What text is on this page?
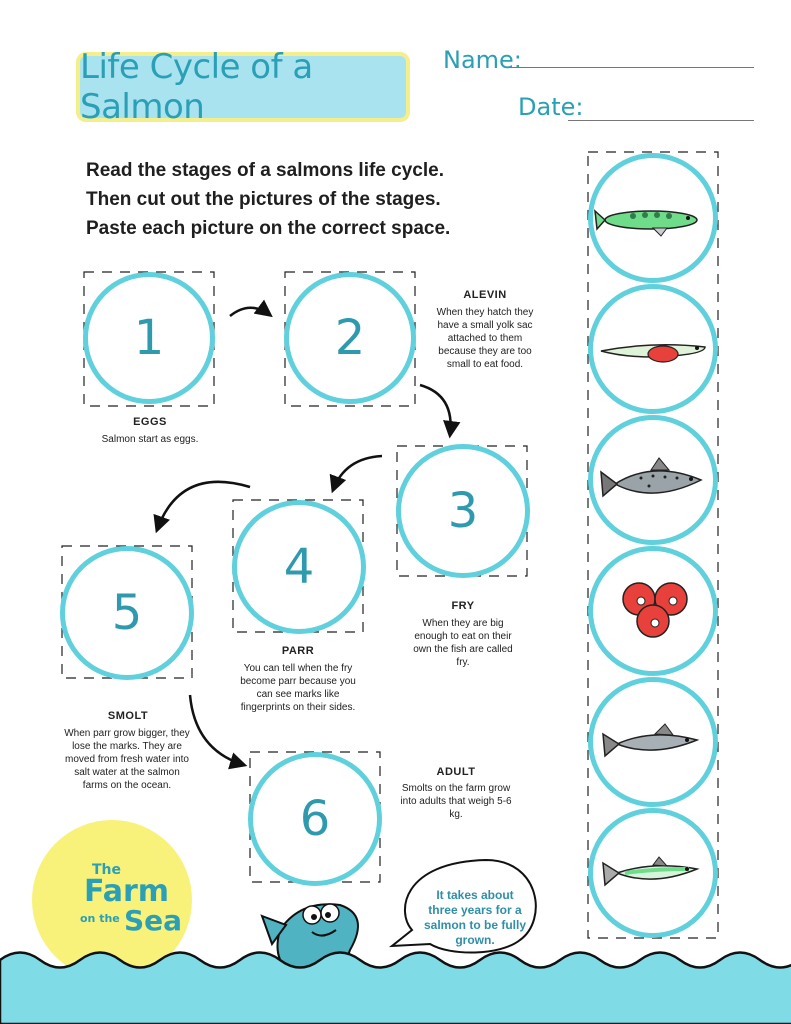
Life Cycle of a Salmon
Name:
Date:
Read the stages of a salmons life cycle.
Then cut out the pictures of the stages.
Paste each picture on the correct space.
1	2
3
4
5
6
EGGS
Salmon start as eggs.
ALEVIN
When they hatch they have a small yolk sac attached to them because they are too small to eat food.
FRY
When they are big enough to eat on their own the fish are called fry.
PARR
You can tell when the fry become parr because you can see marks like fingerprints on their sides.
SMOLT
When parr grow bigger, they lose the marks. They are moved from fresh water into salt water at the salmon farms on the ocean.
ADULT
Smolts on the farm grow into adults that weigh 5-6 kg.
The
Farm
on the Sea
It takes about three years for a salmon to be fully grown.
